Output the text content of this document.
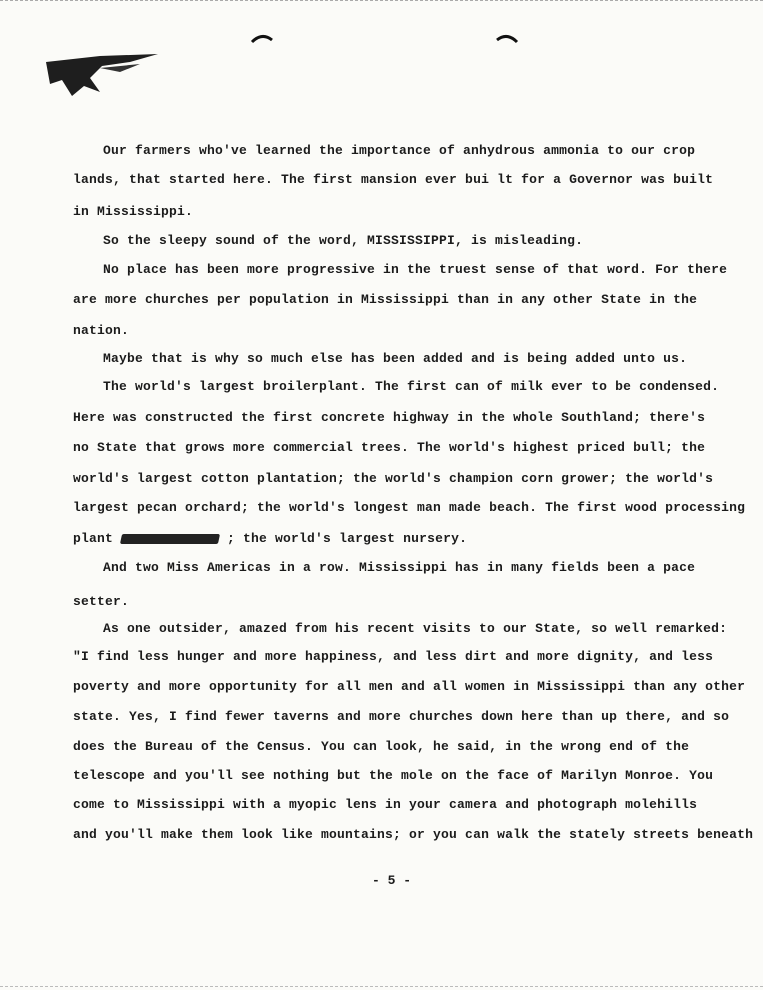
Our farmers who've learned the importance of anhydrous ammonia to our crop
lands, that started here. The first mansion ever bui lt for a Governor was built
in Mississippi.
So the sleepy sound of the word, MISSISSIPPI, is misleading.
No place has been more progressive in the truest sense of that word. For there
are more churches per population in Mississippi than in any other State in the
nation.
Maybe that is why so much else has been added and is being added unto us.
The world's largest broilerplant. The first can of milk ever to be condensed.
Here was constructed the first concrete highway in the whole Southland; there's
no State that grows more commercial trees. The world's highest priced bull; the
world's largest cotton plantation; the world's champion corn grower; the world's
largest pecan orchard; the world's longest man made beach. The first wood processing
plant	; the world's largest nursery.
And two Miss Americas in a row. Mississippi has in many fields been a pace
setter.
As one outsider, amazed from his recent visits to our State, so well remarked:
"I find less hunger and more happiness, and less dirt and more dignity, and less
poverty and more opportunity for all men and all women in Mississippi than any other
state. Yes, I find fewer taverns and more churches down here than up there, and so
does the Bureau of the Census. You can look, he said, in the wrong end of the
telescope and you'll see nothing but the mole on the face of Marilyn Monroe. You
come to Mississippi with a myopic lens in your camera and photograph molehills
and you'll make them look like mountains; or you can walk the stately streets beneath
- 5 -
